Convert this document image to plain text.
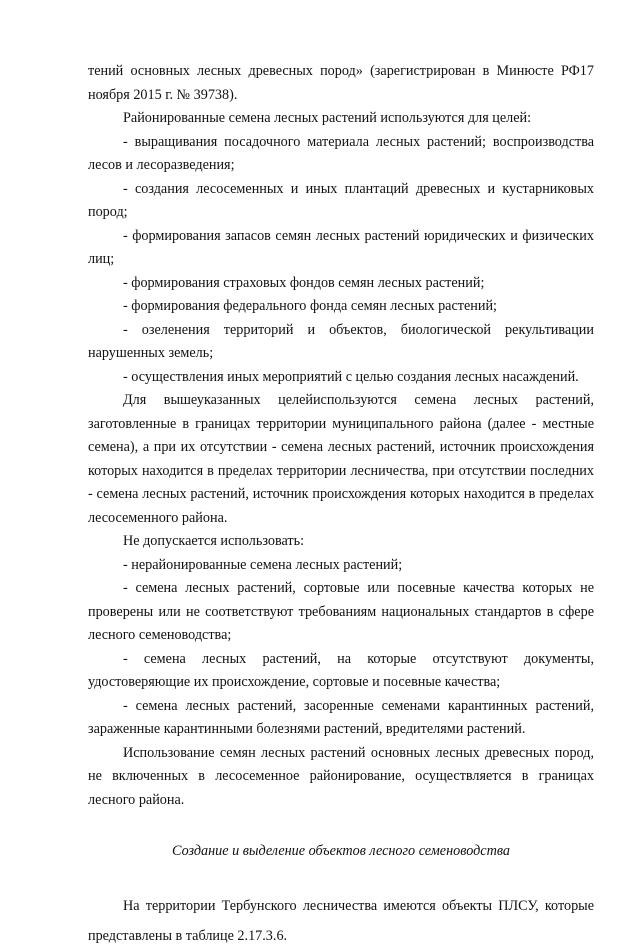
тений основных лесных древесных пород» (зарегистрирован в Минюсте РФ17 ноября 2015 г. № 39738).

Районированные семена лесных растений используются для целей:

- выращивания посадочного материала лесных растений; воспроизводства лесов и лесоразведения;

- создания лесосеменных и иных плантаций древесных и кустарниковых пород;

- формирования запасов семян лесных растений юридических и физических лиц;

- формирования страховых фондов семян лесных растений;

- формирования федерального фонда семян лесных растений;

- озеленения территорий и объектов, биологической рекультивации нарушенных земель;

- осуществления иных мероприятий с целью создания лесных насаждений.

Для вышеуказанных целейиспользуются семена лесных растений, заготовленные в границах территории муниципального района (далее - местные семена), а при их отсутствии - семена лесных растений, источник происхождения которых находится в пределах территории лесничества, при отсутствии последних - семена лесных растений, источник происхождения которых находится в пределах лесосеменного района.

Не допускается использовать:

- нерайонированные семена лесных растений;

- семена лесных растений, сортовые или посевные качества которых не проверены или не соответствуют требованиям национальных стандартов в сфере лесного семеноводства;

- семена лесных растений, на которые отсутствуют документы, удостоверяющие их происхождение, сортовые и посевные качества;

- семена лесных растений, засоренные семенами карантинных растений, зараженные карантинными болезнями растений, вредителями растений.

Использование семян лесных растений основных лесных древесных пород, не включенных в лесосеменное районирование, осуществляется в границах лесного района.

Создание и выделение объектов лесного семеноводства

На территории Тербунского лесничества имеются объекты ПЛСУ, которые представлены в таблице 2.17.3.6.
